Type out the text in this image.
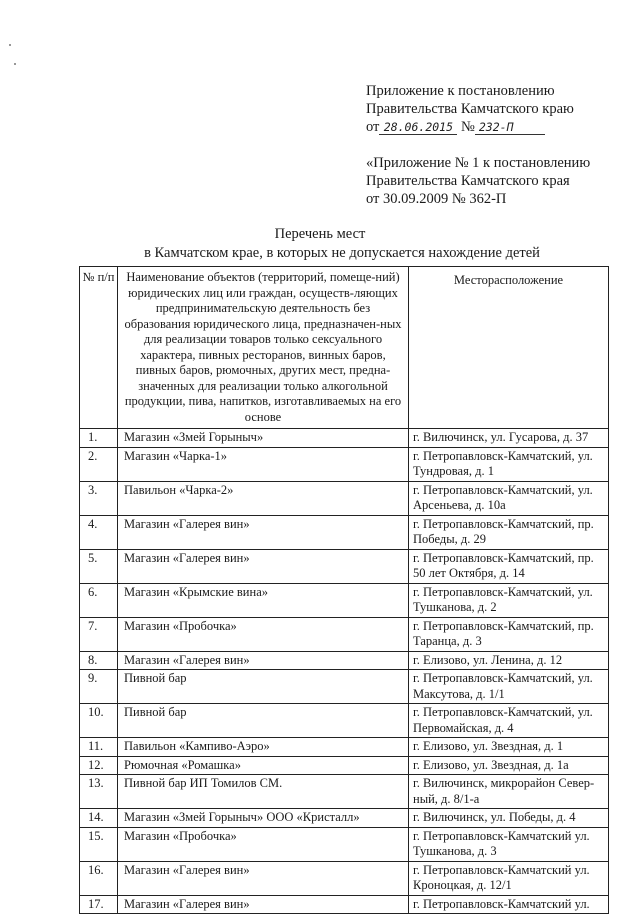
Приложение к постановлению
Правительства Камчатского краю
от 28.06.2015 № 232-П
«Приложение № 1 к постановлению
Правительства Камчатского края
от 30.09.2009 № 362-П
Перечень мест
в Камчатском крае, в которых не допускается нахождение детей
№ п/п	Наименование объектов (территорий, помеще-ний) юридических лиц или граждан, осуществ-ляющих предпринимательскую деятельность без образования юридического лица, предназначен-ных для реализации товаров только сексуального характера, пивных ресторанов, винных баров, пивных баров, рюмочных, других мест, предна-значенных для реализации только алкогольной продукции, пива, напитков, изготавливаемых на его основе	Месторасположение
1.	Магазин «Змей Горыныч»	г. Вилючинск, ул. Гусарова, д. 37
2.	Магазин «Чарка-1»	г. Петропавловск-Камчатский, ул. Тундровая, д. 1
3.	Павильон «Чарка-2»	г. Петропавловск-Камчатский, ул. Арсеньева, д. 10а
4.	Магазин «Галерея вин»	г. Петропавловск-Камчатский, пр. Победы, д. 29
5.	Магазин «Галерея вин»	г. Петропавловск-Камчатский, пр. 50 лет Октября, д. 14
6.	Магазин «Крымские вина»	г. Петропавловск-Камчатский, ул. Тушканова, д. 2
7.	Магазин «Пробочка»	г. Петропавловск-Камчатский, пр. Таранца, д. 3
8.	Магазин «Галерея вин»	г. Елизово, ул. Ленина, д. 12
9.	Пивной бар	г. Петропавловск-Камчатский, ул. Максутова, д. 1/1
10.	Пивной бар	г. Петропавловск-Камчатский, ул. Первомайская, д. 4
11.	Павильон «Кампиво-Аэро»	г. Елизово, ул. Звездная, д. 1
12.	Рюмочная «Ромашка»	г. Елизово, ул. Звездная, д. 1а
13.	Пивной бар ИП Томилов СМ.	г. Вилючинск, микрорайон Север-ный, д. 8/1-а
14.	Магазин «Змей Горыныч» ООО «Кристалл»	г. Вилючинск, ул. Победы, д. 4
15.	Магазин «Пробочка»	г. Петропавловск-Камчатский ул. Тушканова, д. 3
16.	Магазин «Галерея вин»	г. Петропавловск-Камчатский ул. Кроноцкая, д. 12/1
17.	Магазин «Галерея вин»	г. Петропавловск-Камчатский ул.
